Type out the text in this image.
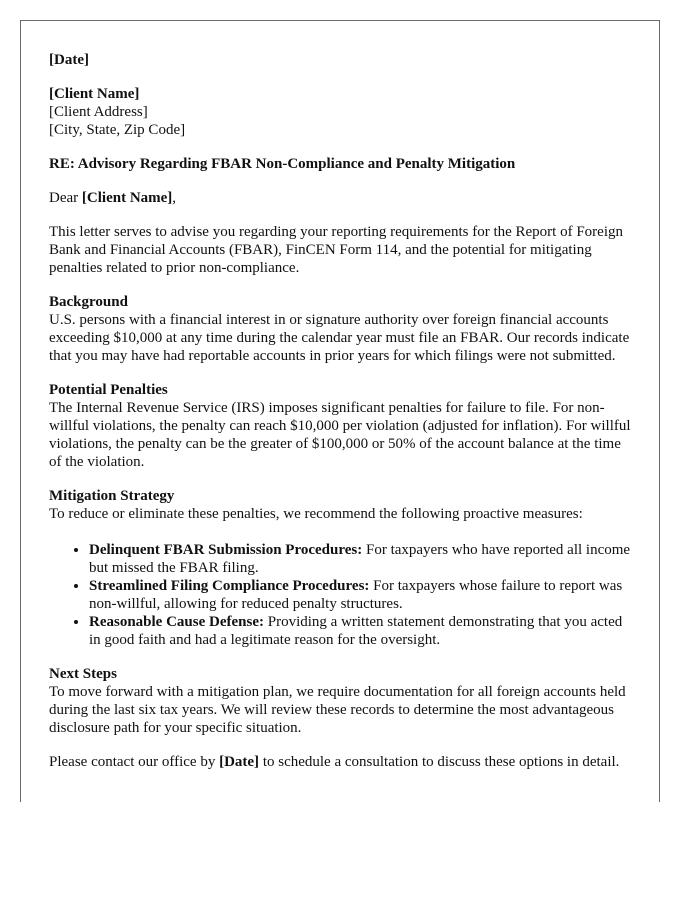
[Date]

[Client Name]

[Client Address]

[City, State, Zip Code]

RE: Advisory Regarding FBAR Non-Compliance and Penalty Mitigation

Dear [Client Name],

This letter serves to advise you regarding your reporting requirements for the Report of Foreign Bank and Financial Accounts (FBAR), FinCEN Form 114, and the potential for mitigating penalties related to prior non-compliance.

Background

U.S. persons with a financial interest in or signature authority over foreign financial accounts exceeding $10,000 at any time during the calendar year must file an FBAR. Our records indicate that you may have had reportable accounts in prior years for which filings were not submitted.

Potential Penalties

The Internal Revenue Service (IRS) imposes significant penalties for failure to file. For non-willful violations, the penalty can reach $10,000 per violation (adjusted for inflation). For willful violations, the penalty can be the greater of $100,000 or 50% of the account balance at the time of the violation.

Mitigation Strategy

To reduce or eliminate these penalties, we recommend the following proactive measures:

• Delinquent FBAR Submission Procedures: For taxpayers who have reported all income but missed the FBAR filing.
• Streamlined Filing Compliance Procedures: For taxpayers whose failure to report was non-willful, allowing for reduced penalty structures.
• Reasonable Cause Defense: Providing a written statement demonstrating that you acted in good faith and had a legitimate reason for the oversight.
Next Steps

To move forward with a mitigation plan, we require documentation for all foreign accounts held during the last six tax years. We will review these records to determine the most advantageous disclosure path for your specific situation.

Please contact our office by [Date] to schedule a consultation to discuss these options in detail.
